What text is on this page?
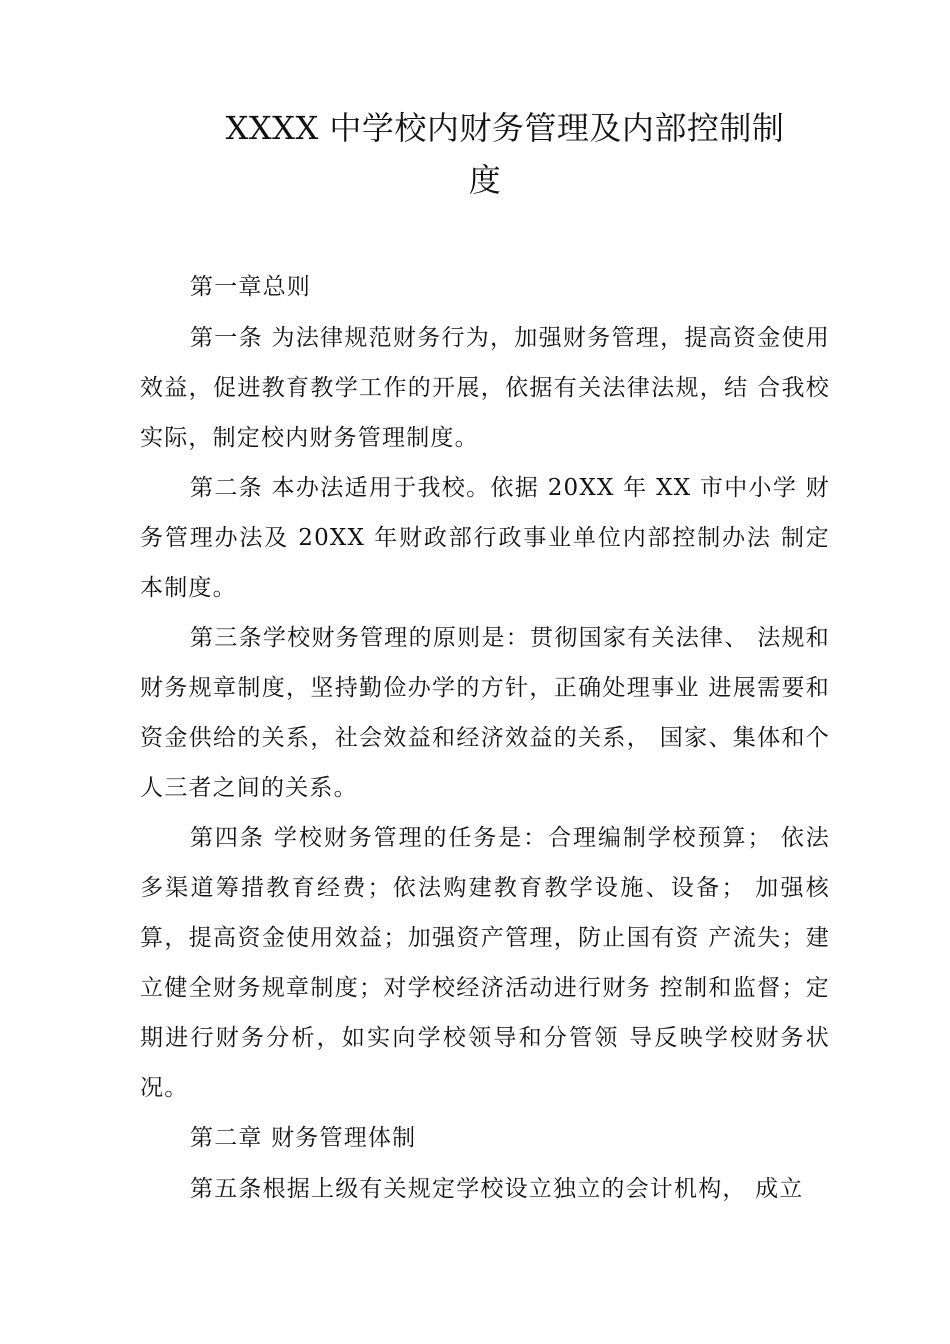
XXXX 中学校内财务管理及内部控制制
度

第一章总则

第一条 为法律规范财务行为，加强财务管理，提高资金使用效益，促进教育教学工作的开展，依据有关法律法规，结 合我校实际，制定校内财务管理制度。

第二条 本办法适用于我校。依据 20XX 年 XX 市中小学 财务管理办法及 20XX 年财政部行政事业单位内部控制办法 制定本制度。

第三条学校财务管理的原则是：贯彻国家有关法律、 法规和财务规章制度，坚持勤俭办学的方针，正确处理事业 进展需要和资金供给的关系，社会效益和经济效益的关系， 国家、集体和个人三者之间的关系。

第四条 学校财务管理的任务是：合理编制学校预算； 依法多渠道筹措教育经费；依法购建教育教学设施、设备； 加强核算，提高资金使用效益；加强资产管理，防止国有资 产流失；建立健全财务规章制度；对学校经济活动进行财务 控制和监督；定期进行财务分析，如实向学校领导和分管领 导反映学校财务状况。

第二章 财务管理体制

第五条根据上级有关规定学校设立独立的会计机构， 成立
